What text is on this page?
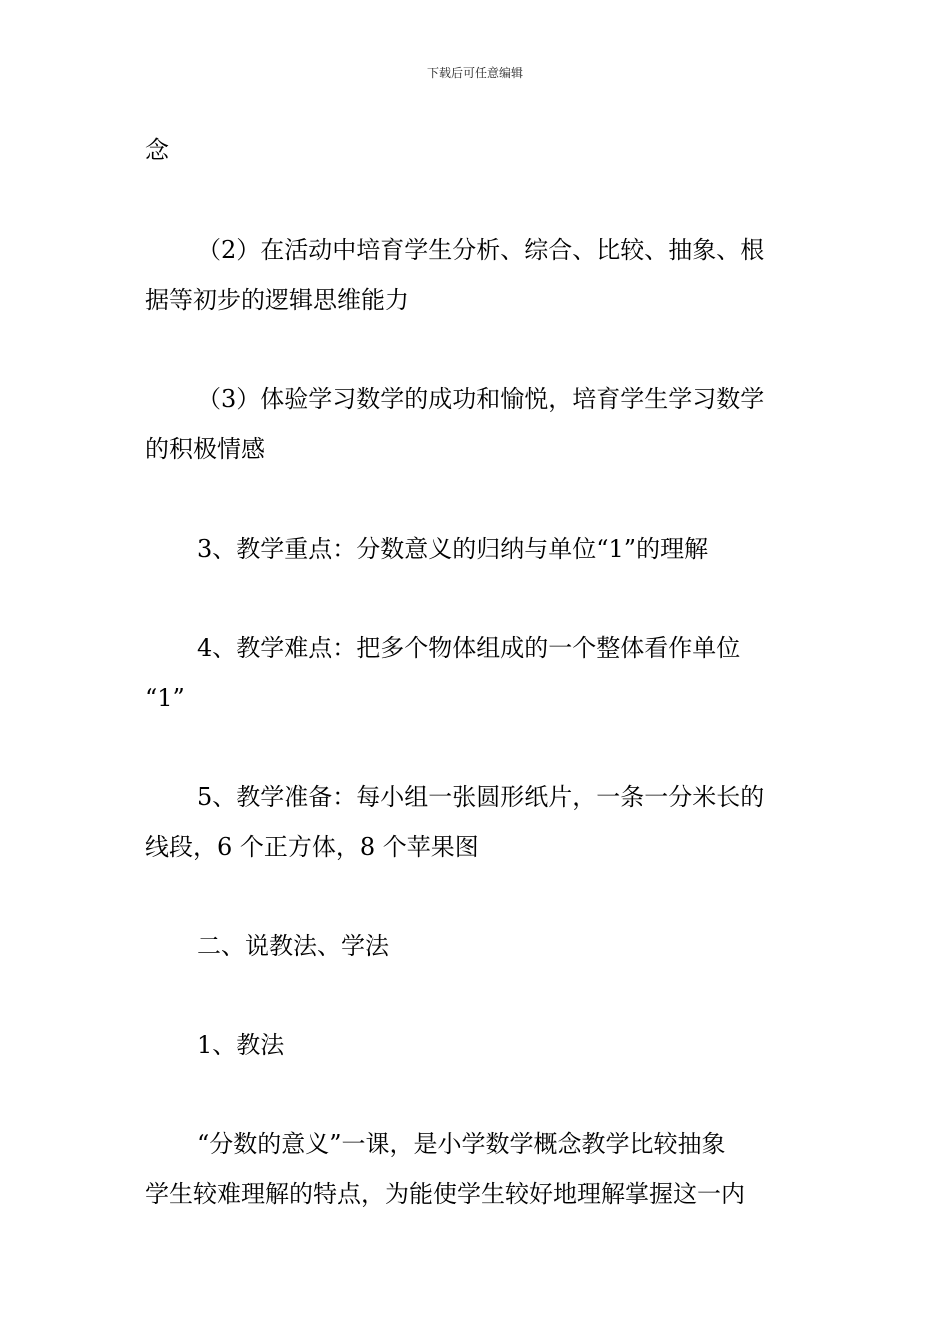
下载后可任意编辑
念
（2）在活动中培育学生分析、综合、比较、抽象、根
据等初步的逻辑思维能力
（3）体验学习数学的成功和愉悦，培育学生学习数学
的积极情感
3、教学重点：分数意义的归纳与单位“1”的理解
4、教学难点：把多个物体组成的一个整体看作单位
“1”
5、教学准备：每小组一张圆形纸片，一条一分米长的
线段，6 个正方体，8 个苹果图
二、说教法、学法
1、教法
“分数的意义”一课，是小学数学概念教学比较抽象
学生较难理解的特点，为能使学生较好地理解掌握这一内
